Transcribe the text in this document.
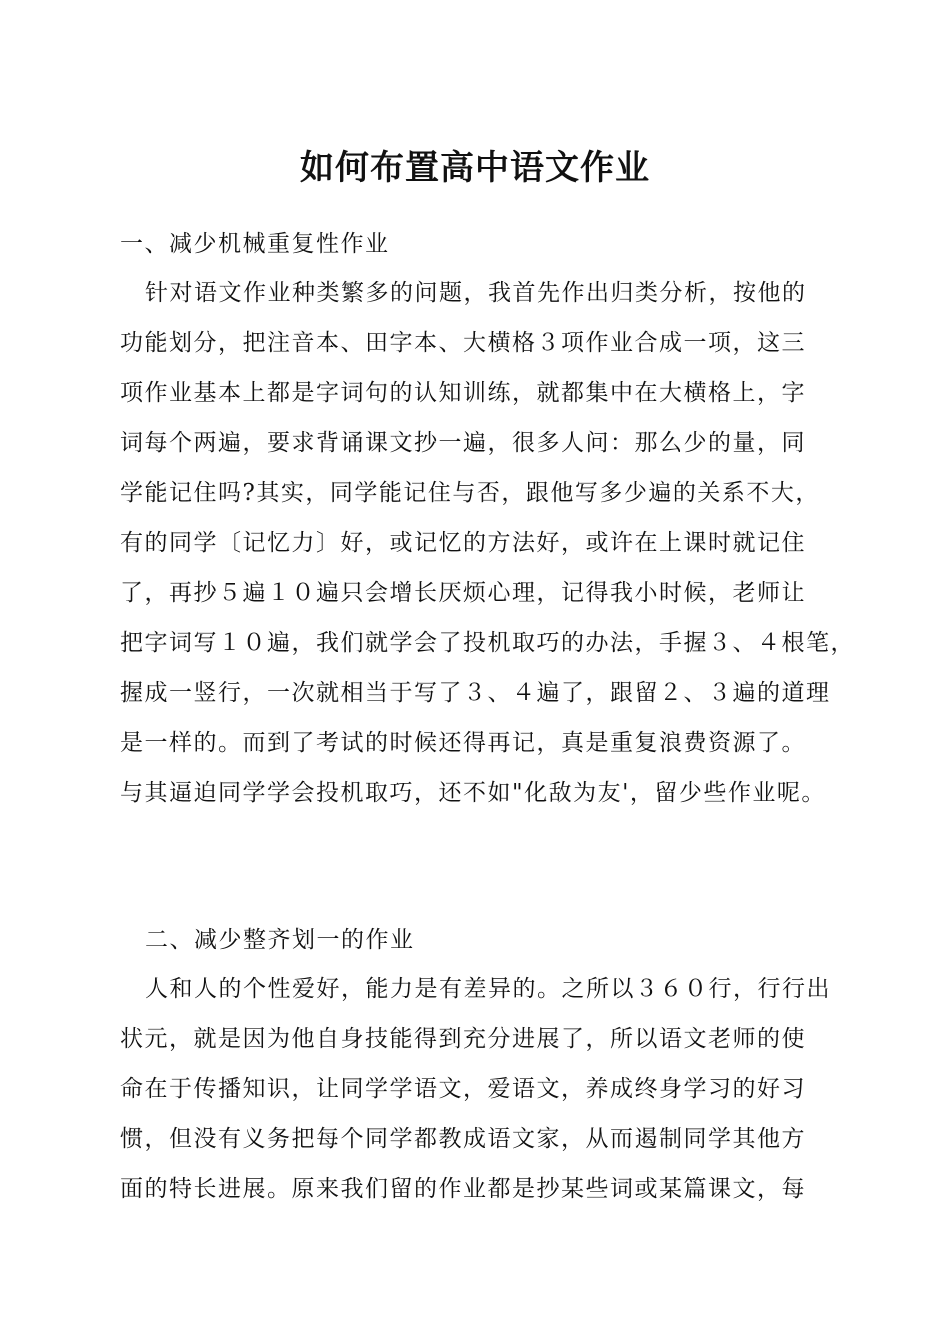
如何布置高中语文作业
一、减少机械重复性作业
针对语文作业种类繁多的问题，我首先作出归类分析，按他的
功能划分，把注音本、田字本、大横格３项作业合成一项，这三
项作业基本上都是字词句的认知训练，就都集中在大横格上，字
词每个两遍，要求背诵课文抄一遍，很多人问：那么少的量，同
学能记住吗?其实，同学能记住与否，跟他写多少遍的关系不大，
有的同学〔记忆力〕好，或记忆的方法好，或许在上课时就记住
了，再抄５遍１０遍只会增长厌烦心理，记得我小时候，老师让
把字词写１０遍，我们就学会了投机取巧的办法，手握３、４根笔，
握成一竖行，一次就相当于写了３、４遍了，跟留２、３遍的道理
是一样的。而到了考试的时候还得再记，真是重复浪费资源了。
与其逼迫同学学会投机取巧，还不如"化敌为友'，留少些作业呢。
二、减少整齐划一的作业
人和人的个性爱好，能力是有差异的。之所以３６０行，行行出
状元，就是因为他自身技能得到充分进展了，所以语文老师的使
命在于传播知识，让同学学语文，爱语文，养成终身学习的好习
惯，但没有义务把每个同学都教成语文家，从而遏制同学其他方
面的特长进展。原来我们留的作业都是抄某些词或某篇课文，每
